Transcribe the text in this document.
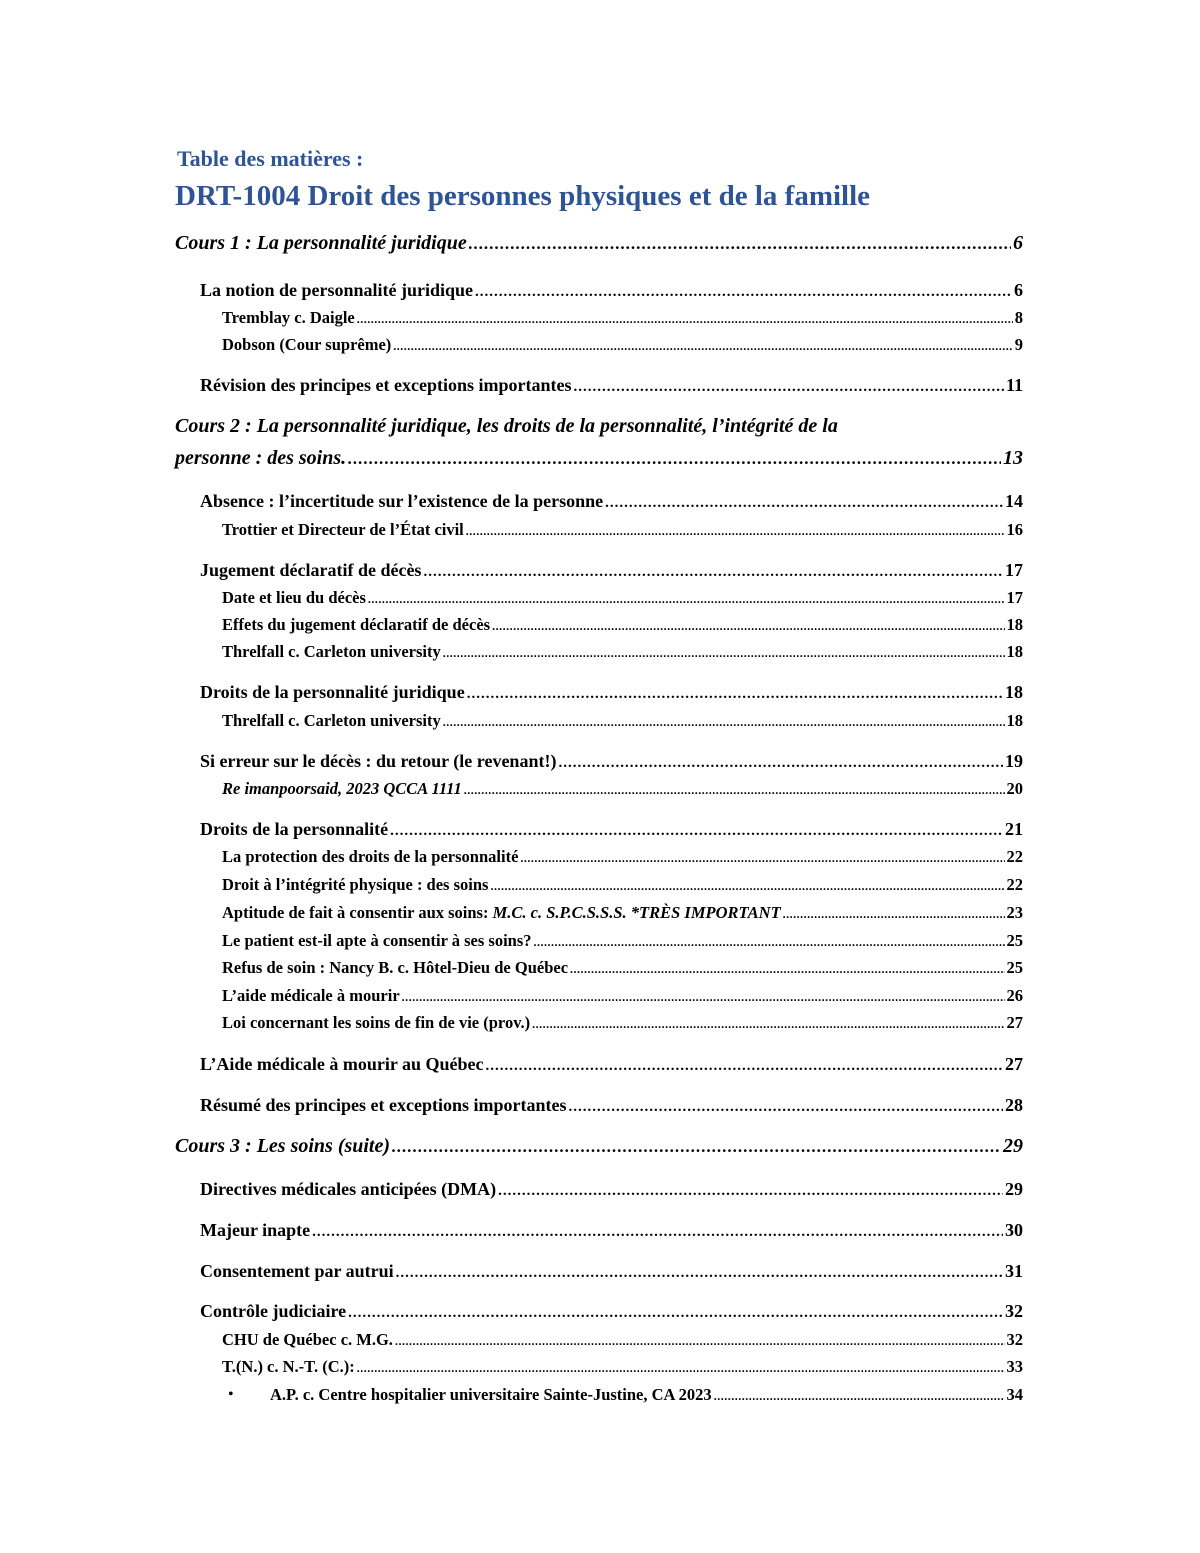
Table des matières :
DRT-1004 Droit des personnes physiques et de la famille
Cours 1 : La personnalité juridique .....	6
La notion de personnalité juridique .....	6
Tremblay c. Daigle .....	8
Dobson (Cour suprême) .....	9
Révision des principes et exceptions importantes .....	11
Cours 2 : La personnalité juridique, les droits de la personnalité, l’intégrité de la
personne : des soins. .....	13
Absence : l’incertitude sur l’existence de la personne .....	14
Trottier et Directeur de l’État civil .....	16
Jugement déclaratif de décès .....	17
Date et lieu du décès .....	17
Effets du jugement déclaratif de décès .....	18
Threlfall c. Carleton university .....	18
Droits de la personnalité juridique .....	18
Threlfall c. Carleton university .....	18
Si erreur sur le décès : du retour (le revenant!) .....	19
Re imanpoorsaid, 2023 QCCA 1111 .....	20
Droits de la personnalité .....	21
La protection des droits de la personnalité .....	22
Droit à l’intégrité physique : des soins .....	22
Aptitude de fait à consentir aux soins: M.C. c. S.P.C.S.S.S. *TRÈS IMPORTANT .....	23
Le patient est-il apte à consentir à ses soins? .....	25
Refus de soin : Nancy B. c. Hôtel-Dieu de Québec .....	25
L’aide médicale à mourir .....	26
Loi concernant les soins de fin de vie (prov.) .....	27
L’Aide médicale à mourir au Québec .....	27
Résumé des principes et exceptions importantes .....	28
Cours 3 : Les soins (suite) .....	29
Directives médicales anticipées (DMA) .....	29
Majeur inapte .....	30
Consentement par autrui .....	31
Contrôle judiciaire .....	32
CHU de Québec c. M.G. .....	32
T.(N.) c. N.-T. (C.): .....	33
• A.P. c. Centre hospitalier universitaire Sainte-Justine, CA 2023 .....	34
